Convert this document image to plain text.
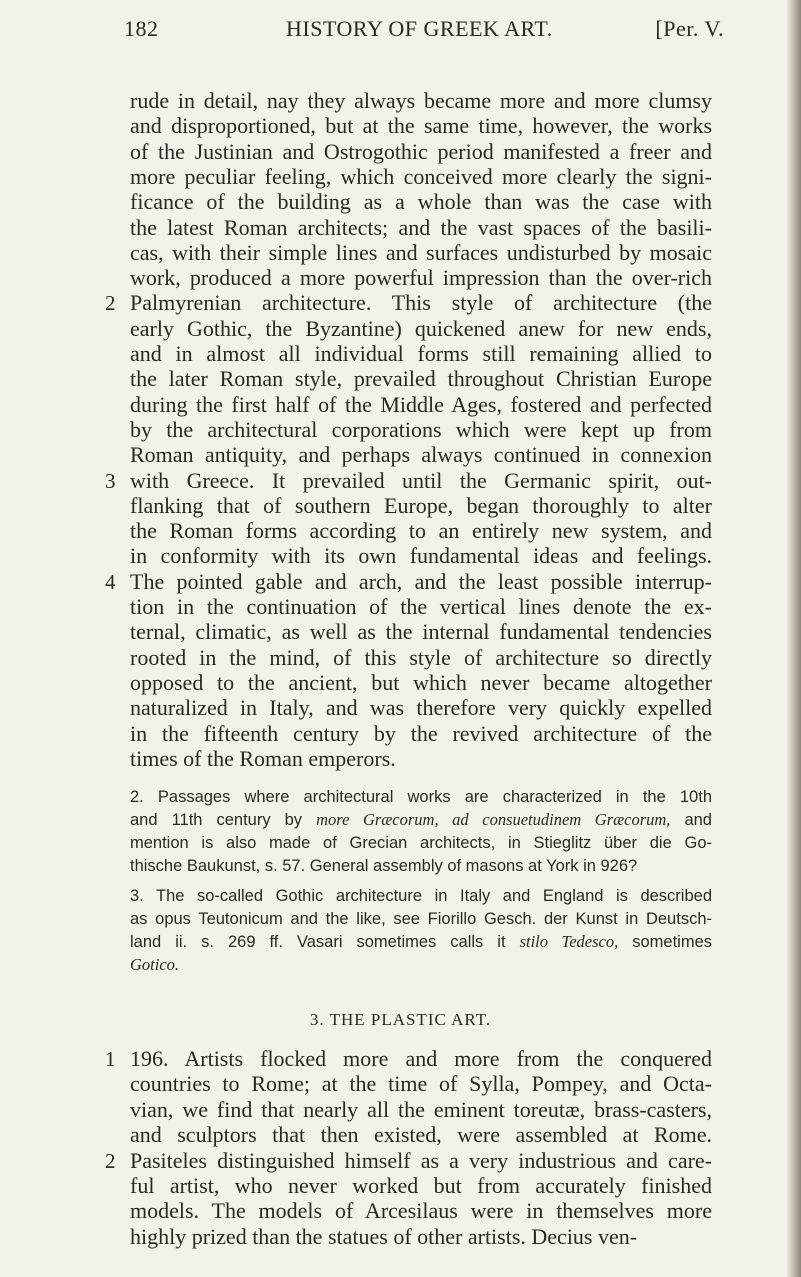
182	HISTORY OF GREEK ART.	[Per. V.
rude in detail, nay they always became more and more clumsy
and disproportioned, but at the same time, however, the works
of the Justinian and Ostrogothic period manifested a freer and
more peculiar feeling, which conceived more clearly the signi-
ficance of the building as a whole than was the case with
the latest Roman architects; and the vast spaces of the basili-
cas, with their simple lines and surfaces undisturbed by mosaic
work, produced a more powerful impression than the over-rich
Palmyrenian architecture. This style of architecture (the
early Gothic, the Byzantine) quickened anew for new ends,
and in almost all individual forms still remaining allied to
the later Roman style, prevailed throughout Christian Europe
during the first half of the Middle Ages, fostered and perfected
by the architectural corporations which were kept up from
Roman antiquity, and perhaps always continued in connexion
with Greece. It prevailed until the Germanic spirit, out-
flanking that of southern Europe, began thoroughly to alter
the Roman forms according to an entirely new system, and
in conformity with its own fundamental ideas and feelings.
The pointed gable and arch, and the least possible interrup-
tion in the continuation of the vertical lines denote the ex-
ternal, climatic, as well as the internal fundamental tendencies
rooted in the mind, of this style of architecture so directly
opposed to the ancient, but which never became altogether
naturalized in Italy, and was therefore very quickly expelled
in the fifteenth century by the revived architecture of the
times of the Roman emperors.
2
3
4
2. Passages where architectural works are characterized in the 10th
and 11th century by more Græcorum, ad consuetudinem Græcorum, and
mention is also made of Grecian architects, in Stieglitz über die Go-
thische Baukunst, s. 57. General assembly of masons at York in 926?
3. The so-called Gothic architecture in Italy and England is described
as opus Teutonicum and the like, see Fiorillo Gesch. der Kunst in Deutsch-
land ii. s. 269 ff. Vasari sometimes calls it stilo Tedesco, sometimes
Gotico.
3. THE PLASTIC ART.
196. Artists flocked more and more from the conquered
countries to Rome; at the time of Sylla, Pompey, and Octa-
vian, we find that nearly all the eminent toreutæ, brass-casters,
and sculptors that then existed, were assembled at Rome.
Pasiteles distinguished himself as a very industrious and care-
ful artist, who never worked but from accurately finished
models. The models of Arcesilaus were in themselves more
highly prized than the statues of other artists. Decius ven-
1
2
